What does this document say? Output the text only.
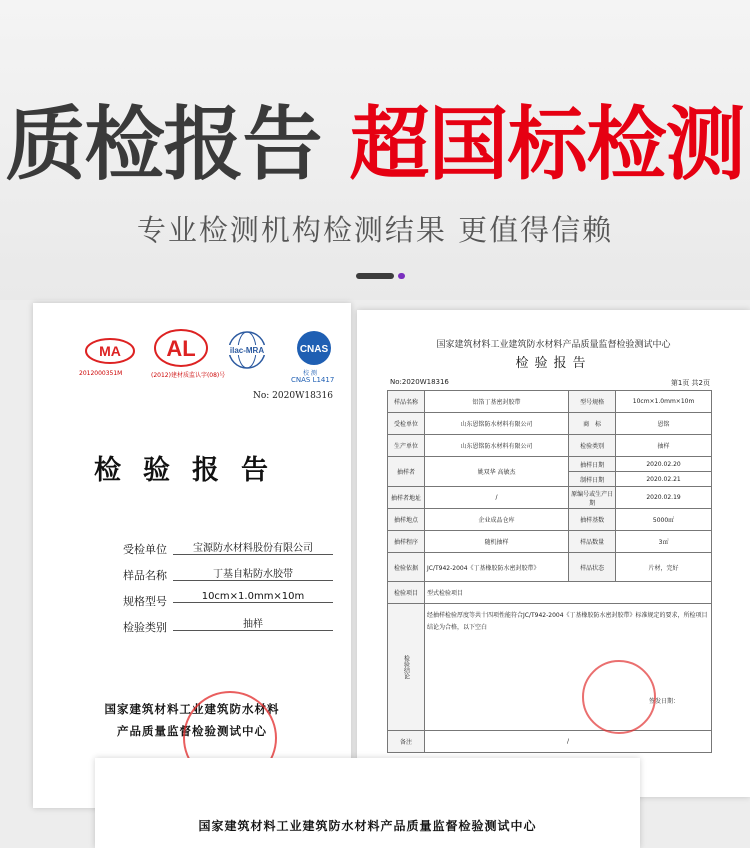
质检报告 超国标检测
专业检测机构检测结果 更值得信赖
MA
2012000351M
AL
(2012)建材质监认字(08)号
ilac-MRA	CNAS
校 测
CNAS L1417
No: 2020W18316
检验报告
受检单位	宝源防水材料股份有限公司
样品名称	丁基自粘防水胶带
规格型号	10cm×1.0mm×10m
检验类别	抽样
国家建筑材料工业建筑防水材料
产品质量监督检验测试中心
国家建筑材料工业建筑防水材料产品质量监督检验测试中心
检验报告
No:2020W18316	第1页 共2页
样品名称	铝箔丁基密封胶带	型号规格	10cm×1.0mm×10m
受检单位	山东恩铭防水材料有限公司	商　标	恩铭
生产单位	山东恩铭防水材料有限公司	检验类别	抽样
抽样者	姚双华 高敏杰	抽样日期	2020.02.20
		制样日期	2020.02.21
抽样者地址	/	原编号或生产日期	2020.02.19
抽样地点	企业成品仓库	抽样基数	5000㎡
抽样程序	随机抽样	样品数量	3㎡
检验依据	JC/T942-2004《丁基橡胶防水密封胶带》	样品状态	片材，完好
检验项目	型式检验项目		
检验结论	经抽样检验厚度等共十四项性能符合JC/T942-2004《丁基橡胶防水密封胶带》标准规定的要求，所检项目结论为合格，以下空白
签发日期：		

备注	/		
国家建筑材料工业建筑防水材料产品质量监督检验测试中心
